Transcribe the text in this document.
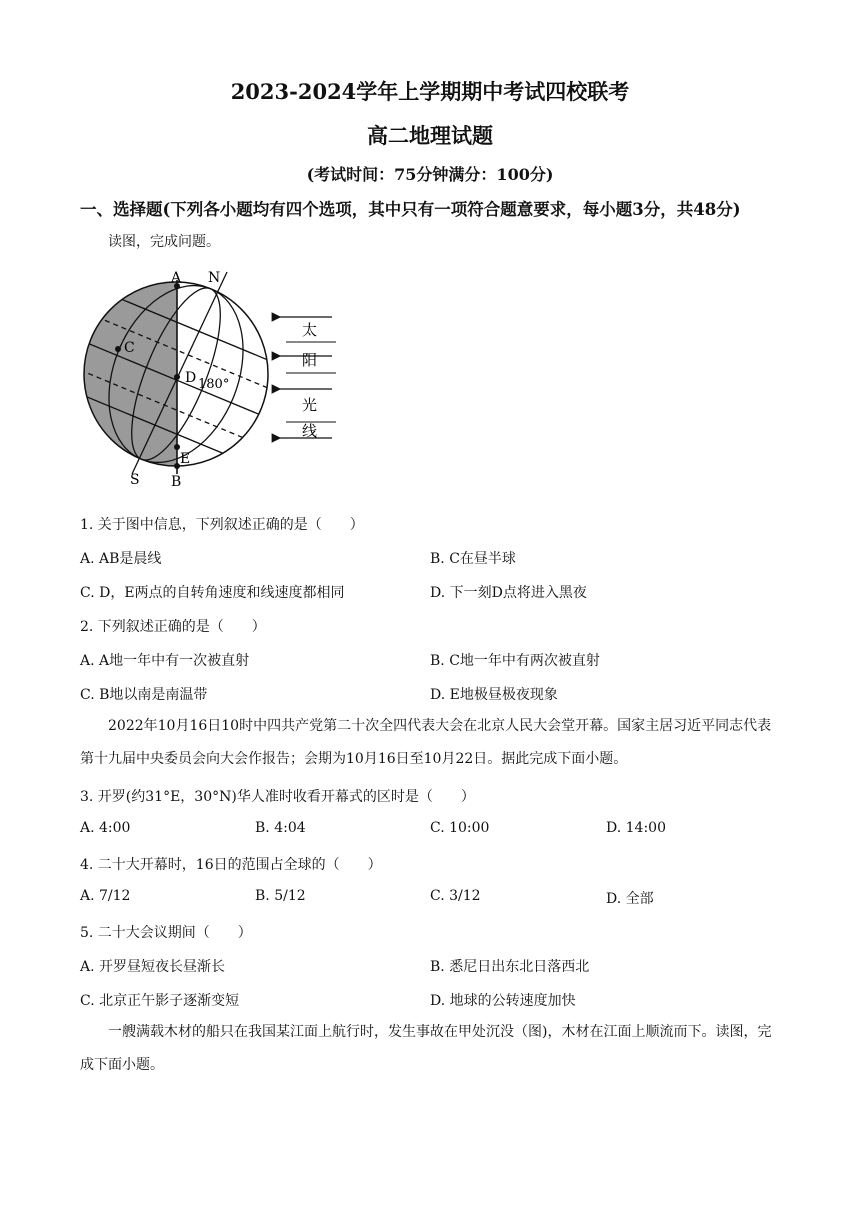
2023-2024学年上学期期中考试四校联考
高二地理试题
(考试时间：75分钟满分：100分)
一、选择题(下列各小题均有四个选项，其中只有一项符合题意要求，每小题3分，共48分)
读图，完成问题。
A N
C
D 180°
E
S B
太
阳
光
线
1. 关于图中信息，下列叙述正确的是（　　）
A. AB是晨线	B. C在昼半球
C. D，E两点的自转角速度和线速度都相同	D. 下一刻D点将进入黑夜
2. 下列叙述正确的是（　　）
A. A地一年中有一次被直射	B. C地一年中有两次被直射
C. B地以南是南温带	D. E地极昼极夜现象
2022年10月16日10时中四共产党第二十次全四代表大会在北京人民大会堂开幕。国家主居习近平同志代表第十九届中央委员会向大会作报告；会期为10月16日至10月22日。据此完成下面小题。
3. 开罗(约31°E，30°N)华人准时收看开幕式的区时是（　　）
A. 4:00	B. 4:04	C. 10:00	D. 14:00
4. 二十大开幕时，16日的范围占全球的（　　）
A. 7/12	B. 5/12	C. 3/12	D. 全部
5. 二十大会议期间（　　）
A. 开罗昼短夜长昼渐长	B. 悉尼日出东北日落西北
C. 北京正午影子逐渐变短	D. 地球的公转速度加快
一艘满载木材的船只在我国某江面上航行时，发生事故在甲处沉没（图)，木材在江面上顺流而下。读图，完成下面小题。
